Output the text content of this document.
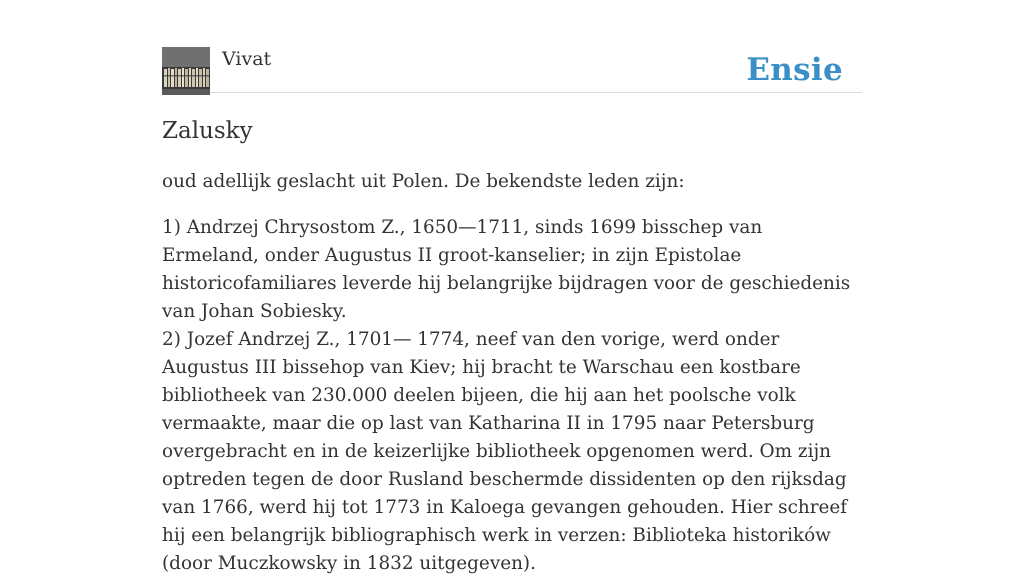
Vivat	Ensie
Zalusky

oud adellijk geslacht uit Polen. De bekendste leden zijn:

1) Andrzej Chrysostom Z., 1650—1711, sinds 1699 bisschep van Ermeland, onder Augustus II groot-kanselier; in zijn Epistolae historicofamiliares leverde hij belangrijke bijdragen voor de geschiedenis van Johan Sobiesky.

2) Jozef Andrzej Z., 1701— 1774, neef van den vorige, werd onder Augustus III bissehop van Kiev; hij bracht te Warschau een kostbare bibliotheek van 230.000 deelen bijeen, die hij aan het poolsche volk vermaakte, maar die op last van Katharina II in 1795 naar Petersburg overgebracht en in de keizerlijke bibliotheek opgenomen werd. Om zijn optreden tegen de door Rusland beschermde dissidenten op den rijksdag van 1766, werd hij tot 1773 in Kaloega gevangen gehouden. Hier schreef hij een belangrijk bibliographisch werk in verzen: Biblioteka historików (door Muczkowsky in 1832 uitgegeven).
